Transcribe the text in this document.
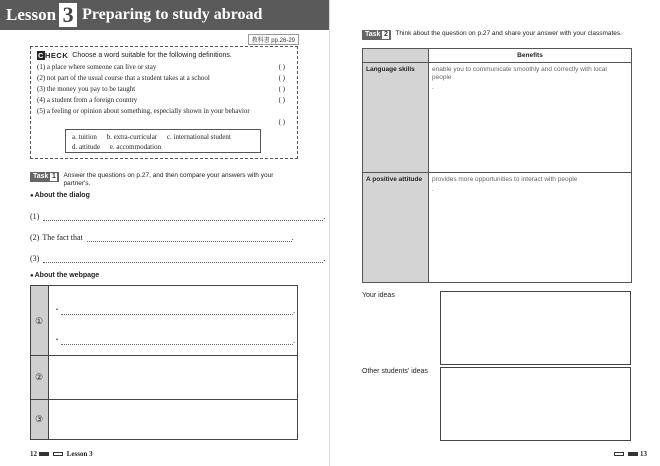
Lesson 3 Preparing to study abroad
教科書 pp.26-29
CHECK Choose a word suitable for the following definitions.
(1) a place where someone can live or stay	( )
(2) not part of the usual course that a student takes at a school	( )
(3) the money you pay to be taught	( )
(4) a student from a foreign country	( )
(5) a feeling or opinion about something, especially shown in your behavior
( )
a. tuition b. extra-curricular c. international student
d. attitude e. accommodation
Task 1 Answer the questions on p.27, and then compare your answers with your partner's.
●About the dialog
(1)	.
(2) The fact that	.
(3)	.
●About the webpage
①
・	.
・	.
②
③
12	Lesson 3
Task 2 Think about the question on p.27 and share your answer with your classmates.
	Benefits
Language skills	enable you to communicate smoothly and correctly with local people
.

A positive attitude	provides more opportunities to interact with people
.
Your ideas
Other students' ideas
13
